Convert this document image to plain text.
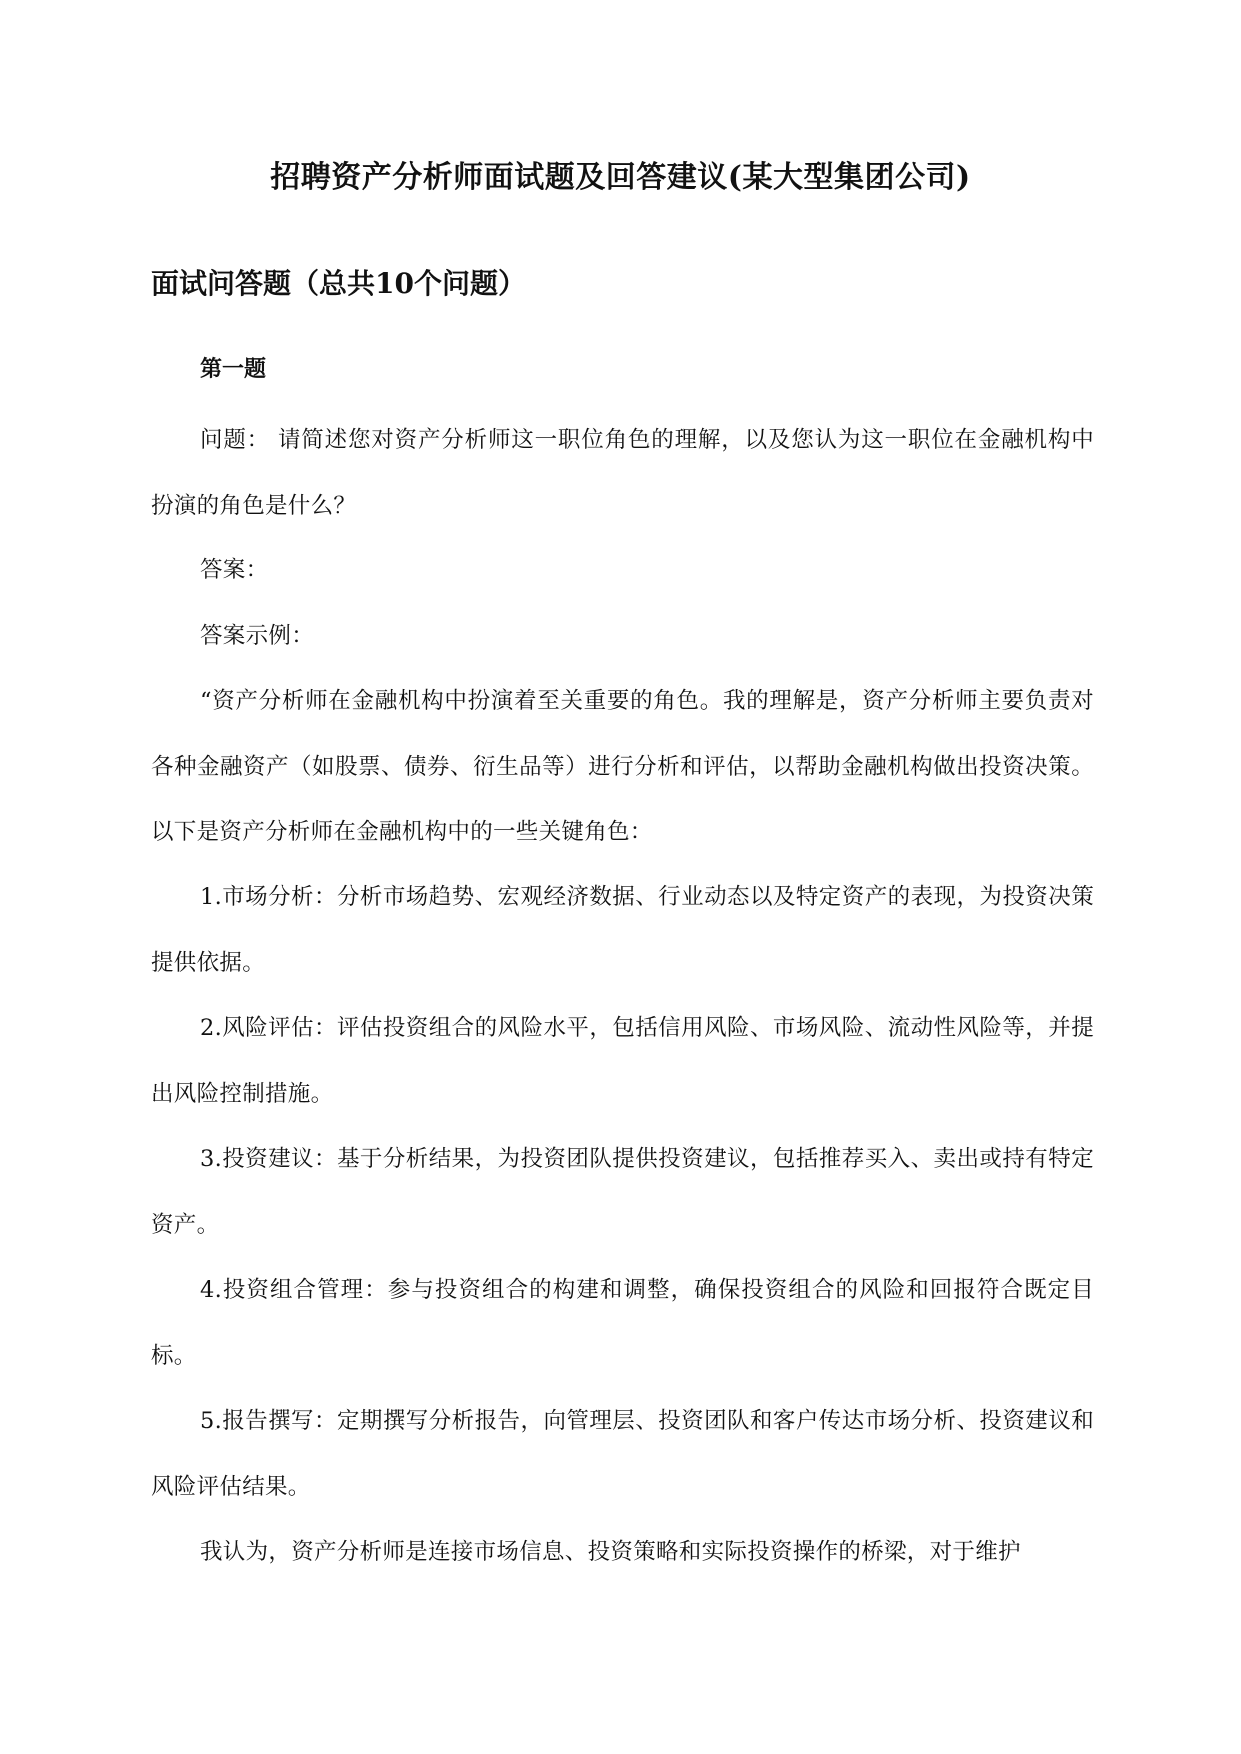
招聘资产分析师面试题及回答建议(某大型集团公司)
面试问答题（总共10个问题）
第一题

问题： 请简述您对资产分析师这一职位角色的理解，以及您认为这一职位在金融机构中扮演的角色是什么？

答案：

答案示例：

“资产分析师在金融机构中扮演着至关重要的角色。我的理解是，资产分析师主要负责对各种金融资产（如股票、债券、衍生品等）进行分析和评估，以帮助金融机构做出投资决策。以下是资产分析师在金融机构中的一些关键角色：

1.市场分析：分析市场趋势、宏观经济数据、行业动态以及特定资产的表现，为投资决策提供依据。

2.风险评估：评估投资组合的风险水平，包括信用风险、市场风险、流动性风险等，并提出风险控制措施。

3.投资建议：基于分析结果，为投资团队提供投资建议，包括推荐买入、卖出或持有特定资产。

4.投资组合管理：参与投资组合的构建和调整，确保投资组合的风险和回报符合既定目标。

5.报告撰写：定期撰写分析报告，向管理层、投资团队和客户传达市场分析、投资建议和风险评估结果。

我认为，资产分析师是连接市场信息、投资策略和实际投资操作的桥梁，对于维护
